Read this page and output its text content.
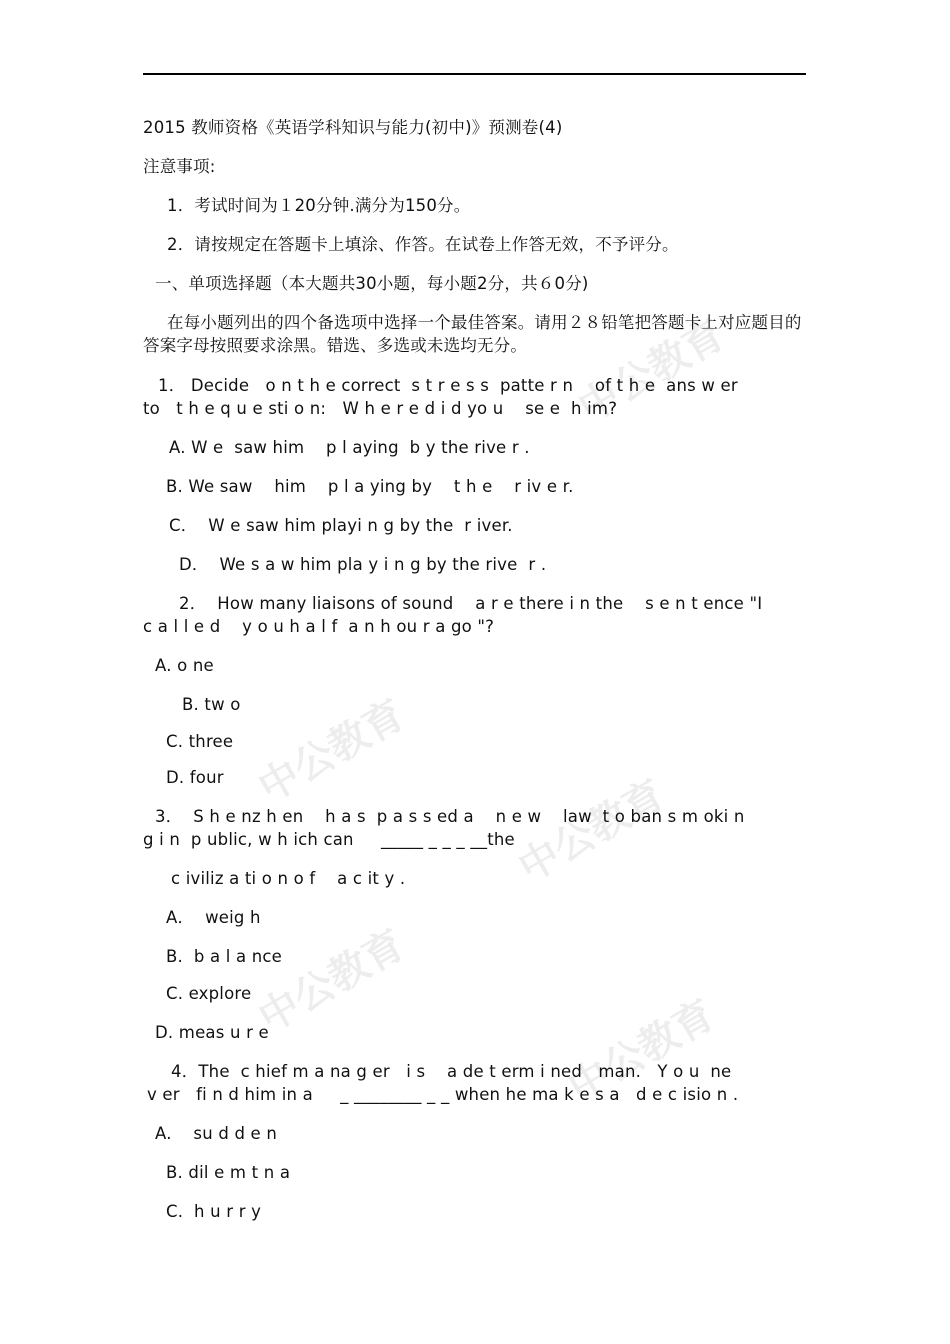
中公教育
中公教育
中公教育
中公教育
中公教育
2015 教师资格《英语学科知识与能力(初中)》预测卷(4)
注意事项:
1．考试时间为１20分钟.满分为150分。
2．请按规定在答题卡上填涂、作答。在试卷上作答无效，不予评分。
一、单项选择题（本大题共30小题，每小题2分，共６0分)
在每小题列出的四个备选项中选择一个最佳答案。请用２８铅笔把答题卡上对应题目的答案字母按照要求涂黑。错选、多选或未选均无分。
1． Decide   o n t h e correct  s t r e s s  patte r n    of t h e  ans w er
to   t h e q u e sti o n:   W h e r e d i d yo u    se e  h im?
A. W e  saw him    p l aying  b y the rive r .
B. We saw    him    p l a ying by    t h e    r iv e r.
C．  W e saw him playi n g by the  r iver.
D．  We s a w him pla y i n g by the rive  r .
2．  How many liaisons of sound    a r e there i n the    s e n t ence "I
c a l l e d    y o u h a l f  a n h ou r a go "?
A. o ne
B. tw o
C. three
D. four
3．  S h e nz h en    h a s  p a s s ed a    n e w    law  t o ban s m oki n
g i n  p ublic, w h ich can     _____ _ _ _ __the
c iviliz a ti o n o f    a c it y .
A．  weig h
B.  b a l a nce
C. explore
D. meas u r e
4．The  c hief m a na g er   i s    a de t erm i ned   man.   Y o u  ne
v er   fi n d him in a     _ ________ _ _ when he ma k e s a   d e c isio n .
A.    su d d e n
B. dil e m t n a
C.  h u r r y
